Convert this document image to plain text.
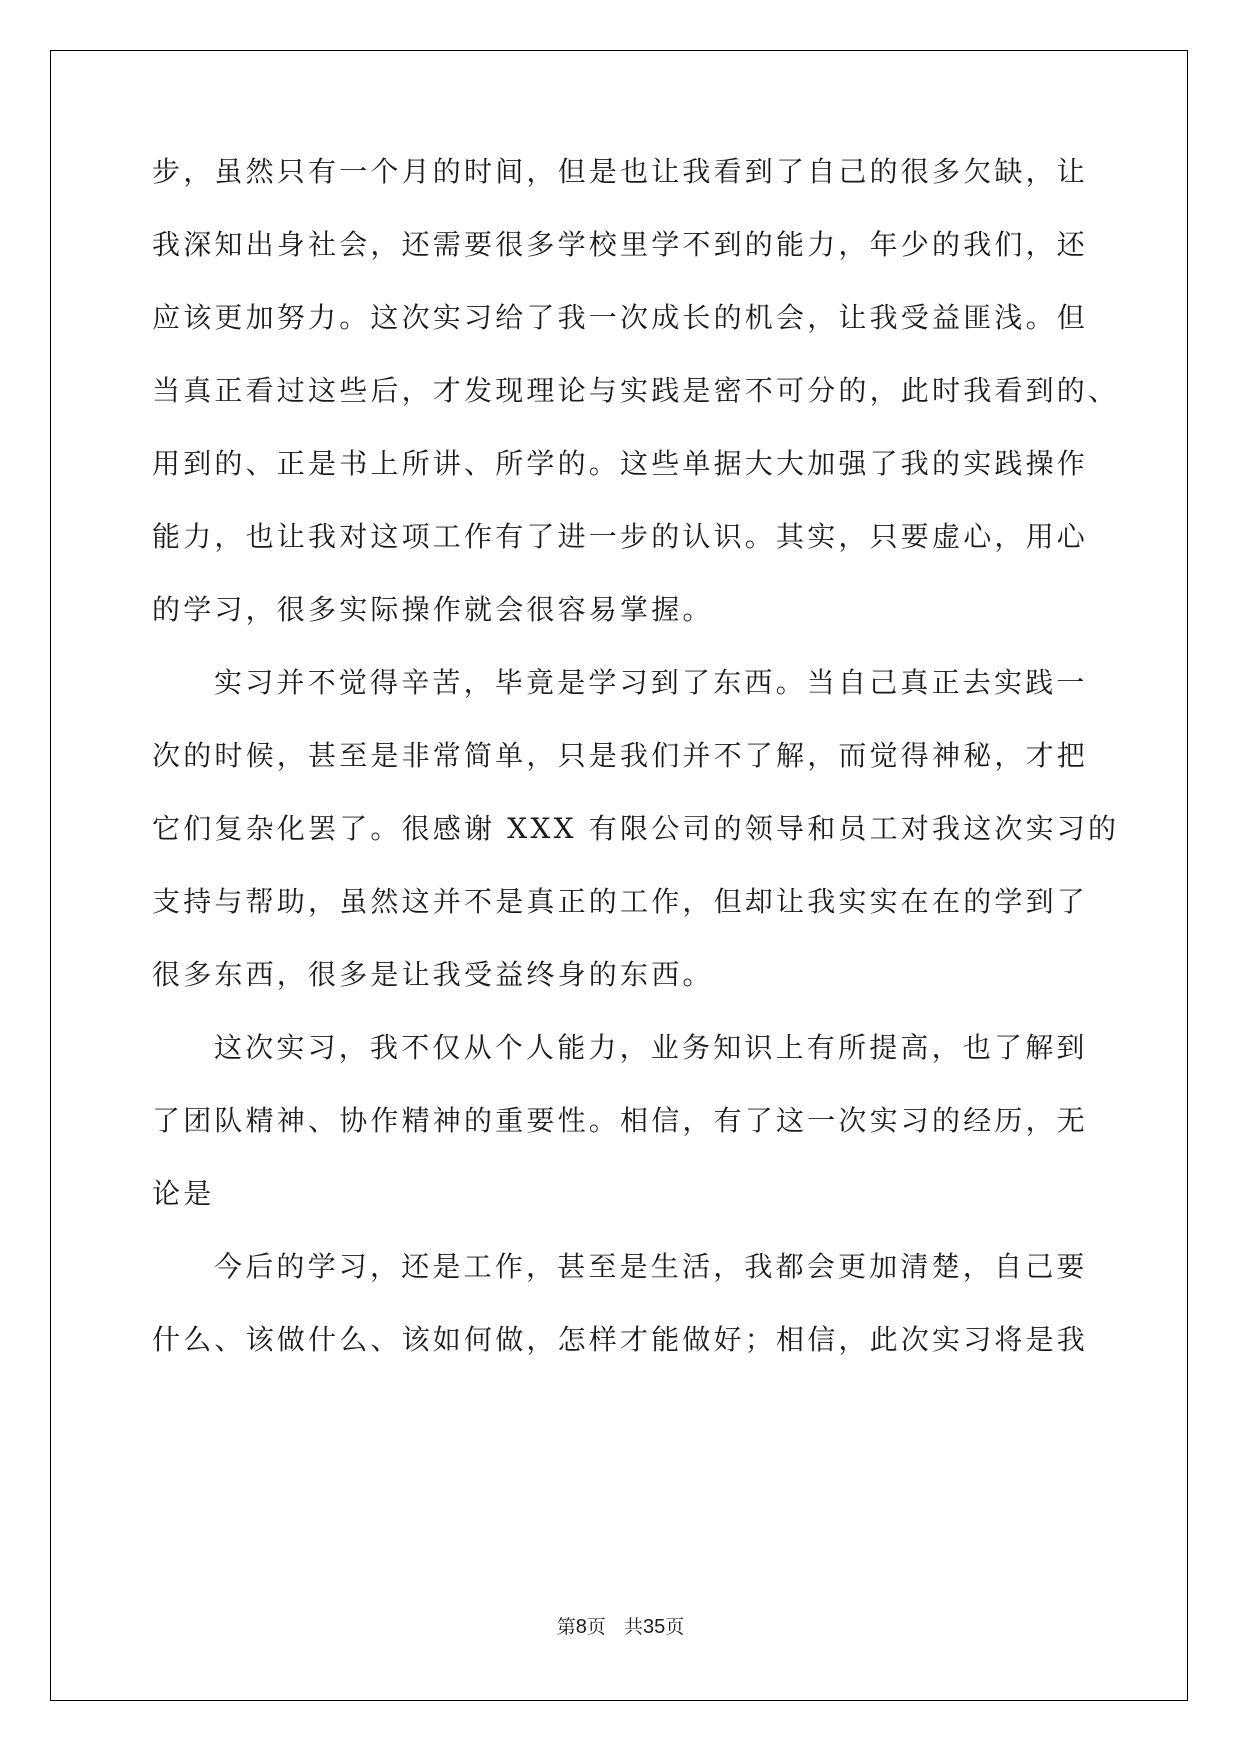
步，虽然只有一个月的时间，但是也让我看到了自己的很多欠缺，让
我深知出身社会，还需要很多学校里学不到的能力，年少的我们，还
应该更加努力。这次实习给了我一次成长的机会，让我受益匪浅。但
当真正看过这些后，才发现理论与实践是密不可分的，此时我看到的、
用到的、正是书上所讲、所学的。这些单据大大加强了我的实践操作
能力，也让我对这项工作有了进一步的认识。其实，只要虚心，用心
的学习，很多实际操作就会很容易掌握。
实习并不觉得辛苦，毕竟是学习到了东西。当自己真正去实践一
次的时候，甚至是非常简单，只是我们并不了解，而觉得神秘，才把
它们复杂化罢了。很感谢 XXX 有限公司的领导和员工对我这次实习的
支持与帮助，虽然这并不是真正的工作，但却让我实实在在的学到了
很多东西，很多是让我受益终身的东西。
这次实习，我不仅从个人能力，业务知识上有所提高，也了解到
了团队精神、协作精神的重要性。相信，有了这一次实习的经历，无
论是
今后的学习，还是工作，甚至是生活，我都会更加清楚，自己要
什么、该做什么、该如何做，怎样才能做好；相信，此次实习将是我
第8页 共35页
